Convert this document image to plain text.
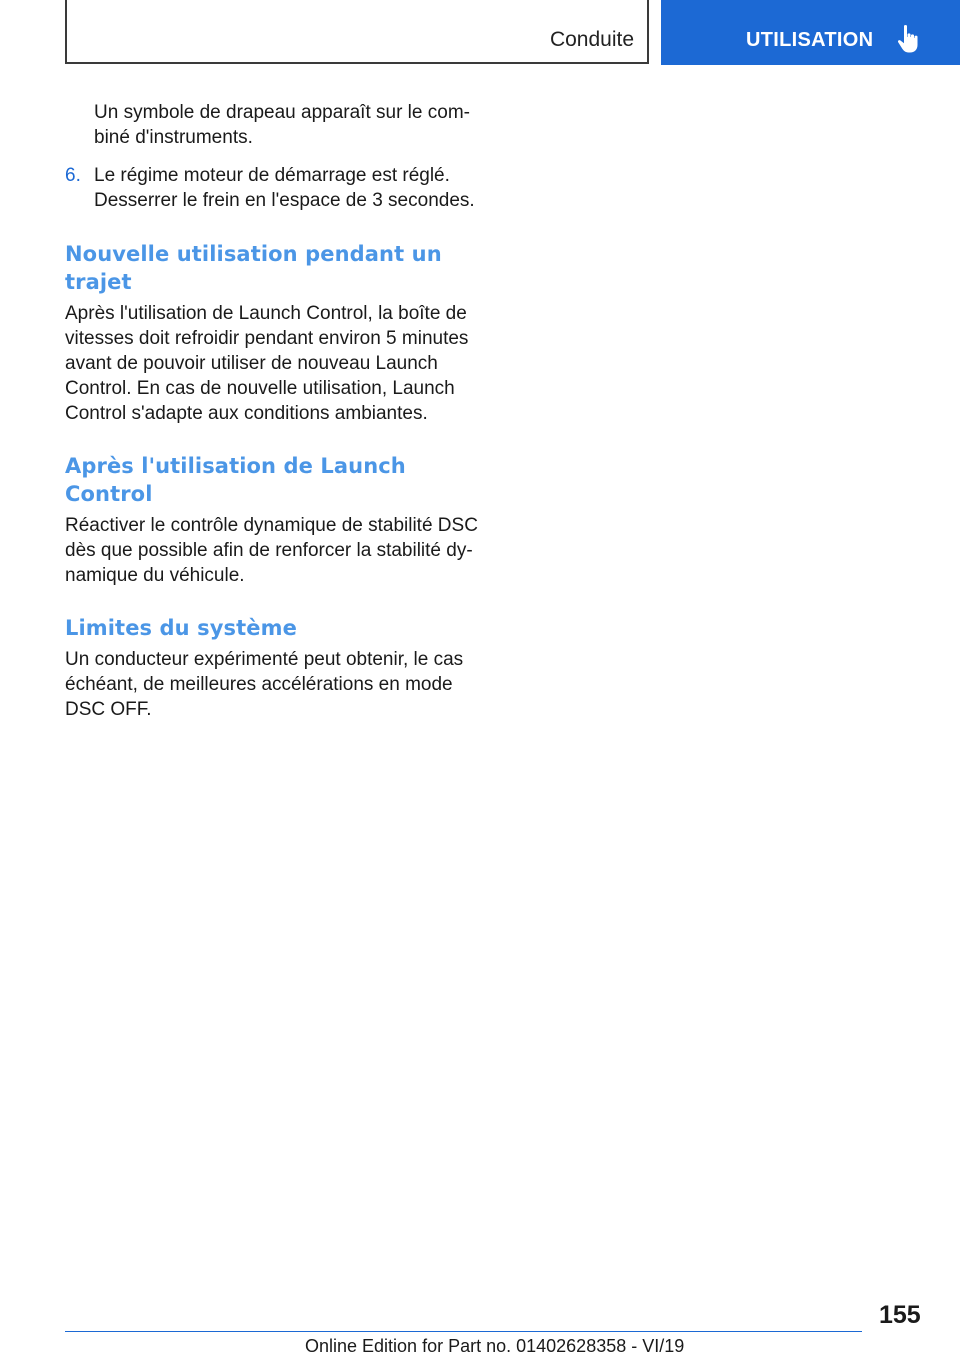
Conduite	UTILISATION

Un symbole de drapeau apparaît sur le combiné d'instruments.

6. Le régime moteur de démarrage est réglé. Desserrer le frein en l'espace de 3 secondes.
Nouvelle utilisation pendant un trajet

Après l'utilisation de Launch Control, la boîte de vitesses doit refroidir pendant environ 5 minutes avant de pouvoir utiliser de nouveau Launch Control. En cas de nouvelle utilisation, Launch Control s'adapte aux conditions ambiantes.

Après l'utilisation de Launch Control

Réactiver le contrôle dynamique de stabilité DSC dès que possible afin de renforcer la stabilité dynamique du véhicule.

Limites du système

Un conducteur expérimenté peut obtenir, le cas échéant, de meilleures accélérations en mode DSC OFF.

155
Online Edition for Part no. 01402628358 - VI/19
